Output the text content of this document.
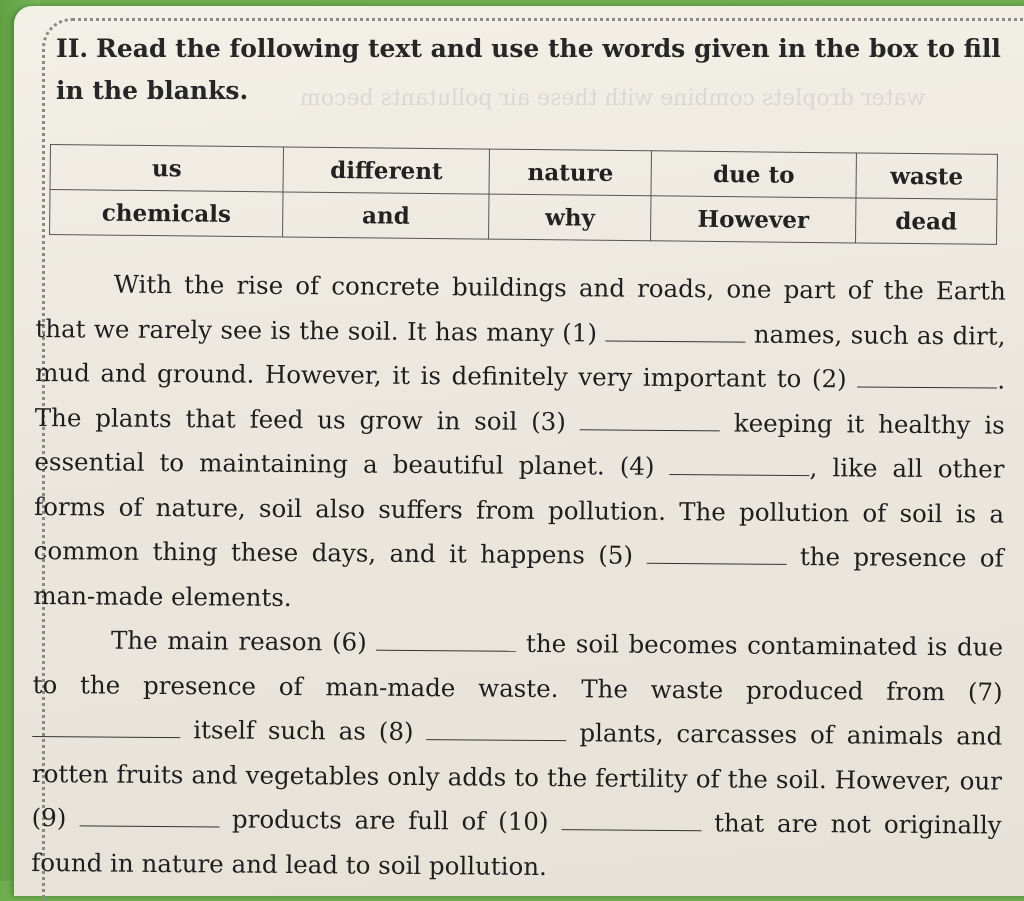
water droplets combine with these air pollutants becom
II. Read the following text and use the words given in the box to fill in the blanks.
us	different	nature	due to	waste
chemicals	and	why	However	dead

With the rise of concrete buildings and roads, one part of the Earth that we rarely see is the soil. It has many (1)	names, such as dirt, mud and ground. However, it is definitely very important to (2)	. The plants that feed us grow in soil (3)	keeping it healthy is essential to maintaining a beautiful planet. (4)	, like all other forms of nature, soil also suffers from pollution. The pollution of soil is a common thing these days, and it happens (5)	the presence of man-made elements.

The main reason (6)	the soil becomes contaminated is due to the presence of man-made waste. The waste produced from (7)  itself such as (8)	plants, carcasses of animals and rotten fruits and vegetables only adds to the fertility of the soil. However, our (9)	products are full of (10)	that are not originally found in nature and lead to soil pollution.
